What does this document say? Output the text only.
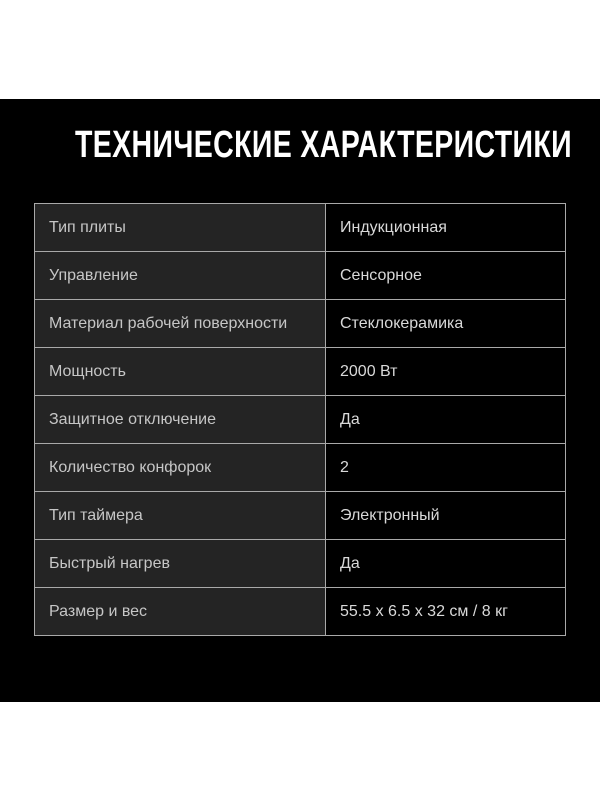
ТЕХНИЧЕСКИЕ ХАРАКТЕРИСТИКИ
Тип плиты	Индукционная
Управление	Сенсорное
Материал рабочей поверхности	Стеклокерамика
Мощность	2000 Вт
Защитное отключение	Да
Количество конфорок	2
Тип таймера	Электронный
Быстрый нагрев	Да
Размер и вес	55.5 x 6.5 x 32 см / 8 кг
